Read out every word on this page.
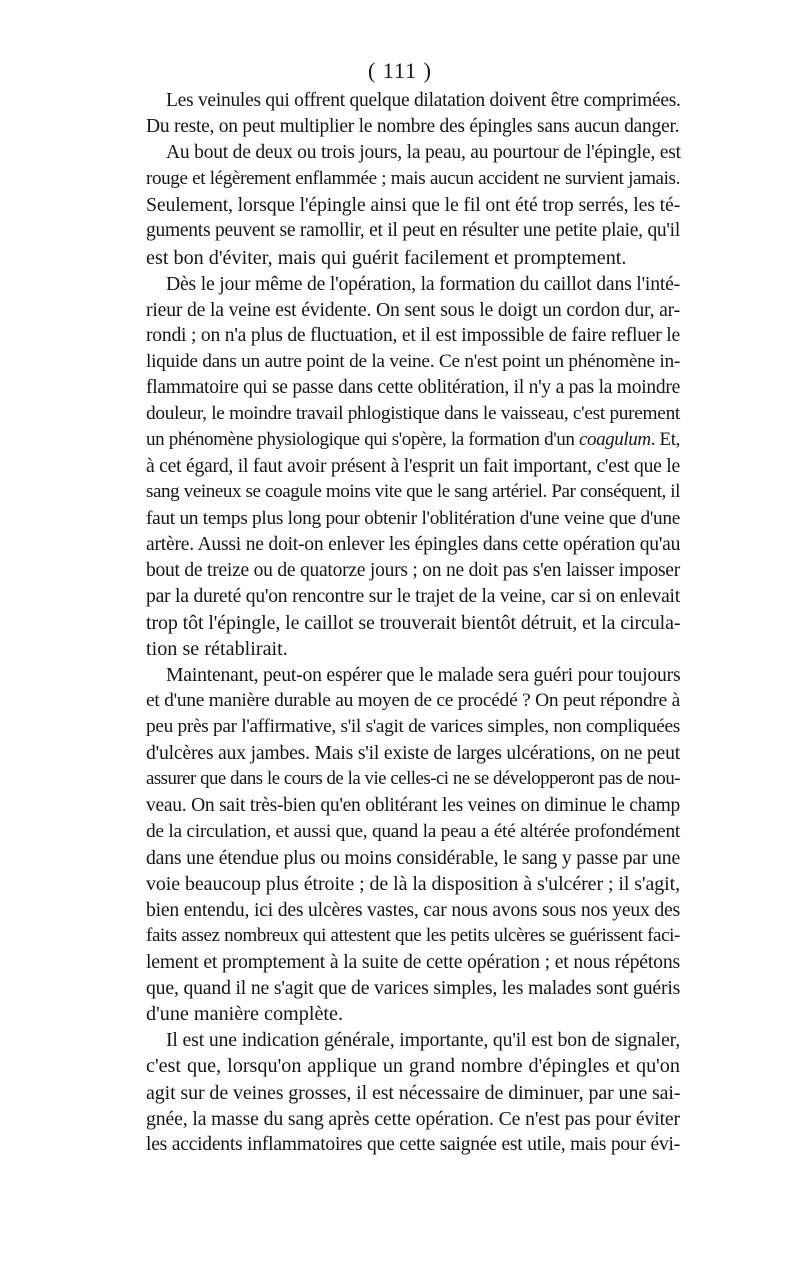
( 111 )
Les veinules qui offrent quelque dilatation doivent être comprimées.
Du reste, on peut multiplier le nombre des épingles sans aucun danger.
Au bout de deux ou trois jours, la peau, au pourtour de l'épingle, est
rouge et légèrement enflammée ; mais aucun accident ne survient jamais.
Seulement, lorsque l'épingle ainsi que le fil ont été trop serrés, les té-
guments peuvent se ramollir, et il peut en résulter une petite plaie, qu'il
est bon d'éviter, mais qui guérit facilement et promptement.
Dès le jour même de l'opération, la formation du caillot dans l'inté-
rieur de la veine est évidente. On sent sous le doigt un cordon dur, ar-
rondi ; on n'a plus de fluctuation, et il est impossible de faire refluer le
liquide dans un autre point de la veine. Ce n'est point un phénomène in-
flammatoire qui se passe dans cette oblitération, il n'y a pas la moindre
douleur, le moindre travail phlogistique dans le vaisseau, c'est purement
un phénomène physiologique qui s'opère, la formation d'un coagulum. Et,
à cet égard, il faut avoir présent à l'esprit un fait important, c'est que le
sang veineux se coagule moins vite que le sang artériel. Par conséquent, il
faut un temps plus long pour obtenir l'oblitération d'une veine que d'une
artère. Aussi ne doit-on enlever les épingles dans cette opération qu'au
bout de treize ou de quatorze jours ; on ne doit pas s'en laisser imposer
par la dureté qu'on rencontre sur le trajet de la veine, car si on enlevait
trop tôt l'épingle, le caillot se trouverait bientôt détruit, et la circula-
tion se rétablirait.
Maintenant, peut-on espérer que le malade sera guéri pour toujours
et d'une manière durable au moyen de ce procédé ? On peut répondre à
peu près par l'affirmative, s'il s'agit de varices simples, non compliquées
d'ulcères aux jambes. Mais s'il existe de larges ulcérations, on ne peut
assurer que dans le cours de la vie celles-ci ne se développeront pas de nou-
veau. On sait très-bien qu'en oblitérant les veines on diminue le champ
de la circulation, et aussi que, quand la peau a été altérée profondément
dans une étendue plus ou moins considérable, le sang y passe par une
voie beaucoup plus étroite ; de là la disposition à s'ulcérer ; il s'agit,
bien entendu, ici des ulcères vastes, car nous avons sous nos yeux des
faits assez nombreux qui attestent que les petits ulcères se guérissent faci-
lement et promptement à la suite de cette opération ; et nous répétons
que, quand il ne s'agit que de varices simples, les malades sont guéris
d'une manière complète.
Il est une indication générale, importante, qu'il est bon de signaler,
c'est que, lorsqu'on applique un grand nombre d'épingles et qu'on
agit sur de veines grosses, il est nécessaire de diminuer, par une sai-
gnée, la masse du sang après cette opération. Ce n'est pas pour éviter
les accidents inflammatoires que cette saignée est utile, mais pour évi-
